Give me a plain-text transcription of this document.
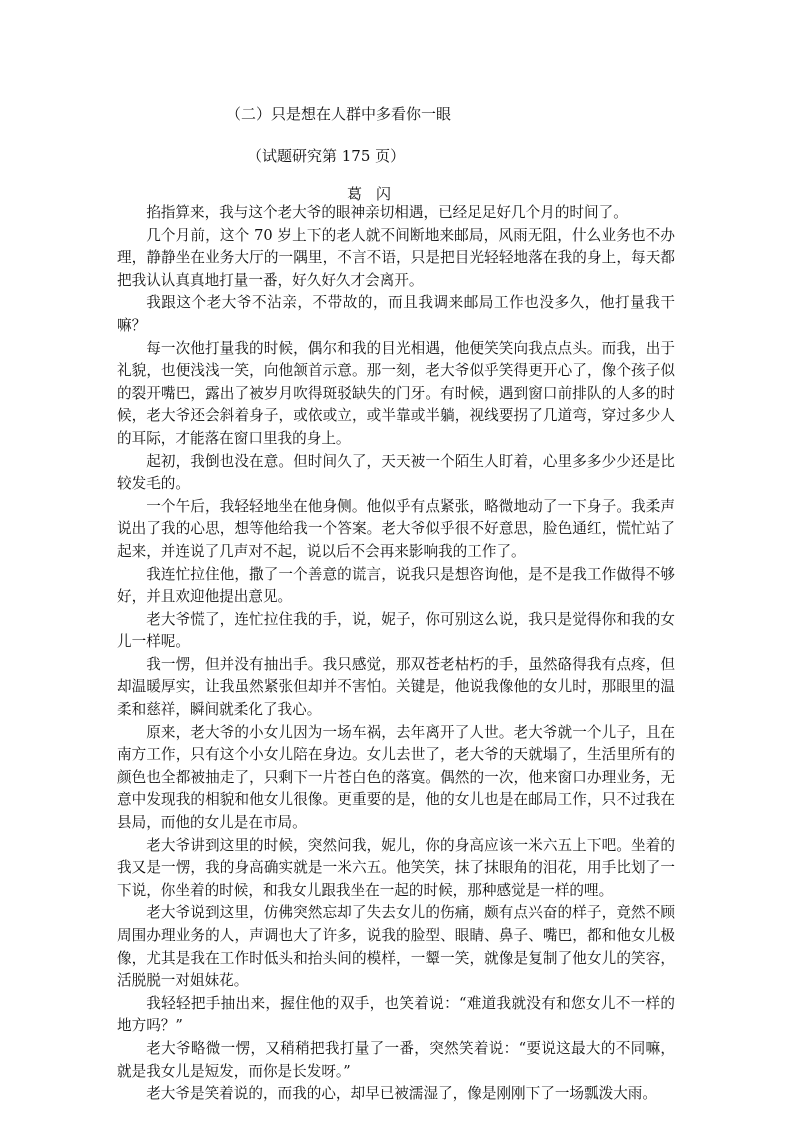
（二）只是想在人群中多看你一眼
（试题研究第 175 页）
葛闪

掐指算来，我与这个老大爷的眼神亲切相遇，已经足足好几个月的时间了。

几个月前，这个 70 岁上下的老人就不间断地来邮局，风雨无阻，什么业务也不办理，静静坐在业务大厅的一隅里，不言不语，只是把目光轻轻地落在我的身上，每天都把我认认真真地打量一番，好久好久才会离开。

我跟这个老大爷不沾亲，不带故的，而且我调来邮局工作也没多久，他打量我干嘛？

每一次他打量我的时候，偶尔和我的目光相遇，他便笑笑向我点点头。而我，出于礼貌，也便浅浅一笑，向他颔首示意。那一刻，老大爷似乎笑得更开心了，像个孩子似的裂开嘴巴，露出了被岁月吹得斑驳缺失的门牙。有时候，遇到窗口前排队的人多的时候，老大爷还会斜着身子，或依或立，或半靠或半躺，视线要拐了几道弯，穿过多少人的耳际，才能落在窗口里我的身上。

起初，我倒也没在意。但时间久了，天天被一个陌生人盯着，心里多多少少还是比较发毛的。

一个午后，我轻轻地坐在他身侧。他似乎有点紧张，略微地动了一下身子。我柔声说出了我的心思，想等他给我一个答案。老大爷似乎很不好意思，脸色通红，慌忙站了起来，并连说了几声对不起，说以后不会再来影响我的工作了。

我连忙拉住他，撒了一个善意的谎言，说我只是想咨询他，是不是我工作做得不够好，并且欢迎他提出意见。

老大爷慌了，连忙拉住我的手，说，妮子，你可别这么说，我只是觉得你和我的女儿一样呢。

我一愣，但并没有抽出手。我只感觉，那双苍老枯朽的手，虽然硌得我有点疼，但却温暖厚实，让我虽然紧张但却并不害怕。关键是，他说我像他的女儿时，那眼里的温柔和慈祥，瞬间就柔化了我心。

原来，老大爷的小女儿因为一场车祸，去年离开了人世。老大爷就一个儿子，且在南方工作，只有这个小女儿陪在身边。女儿去世了，老大爷的天就塌了，生活里所有的颜色也全都被抽走了，只剩下一片苍白色的落寞。偶然的一次，他来窗口办理业务，无意中发现我的相貌和他女儿很像。更重要的是，他的女儿也是在邮局工作，只不过我在县局，而他的女儿是在市局。

老大爷讲到这里的时候，突然问我，妮儿，你的身高应该一米六五上下吧。坐着的我又是一愣，我的身高确实就是一米六五。他笑笑，抹了抹眼角的泪花，用手比划了一下说，你坐着的时候，和我女儿跟我坐在一起的时候，那种感觉是一样的哩。

老大爷说到这里，仿佛突然忘却了失去女儿的伤痛，颇有点兴奋的样子，竟然不顾周围办理业务的人，声调也大了许多，说我的脸型、眼睛、鼻子、嘴巴，都和他女儿极像，尤其是我在工作时低头和抬头间的模样，一颦一笑，就像是复制了他女儿的笑容，活脱脱一对姐妹花。

我轻轻把手抽出来，握住他的双手，也笑着说：“难道我就没有和您女儿不一样的地方吗？”

老大爷略微一愣，又稍稍把我打量了一番，突然笑着说：“要说这最大的不同嘛，就是我女儿是短发，而你是长发呀。”

老大爷是笑着说的，而我的心，却早已被濡湿了，像是刚刚下了一场瓢泼大雨。
